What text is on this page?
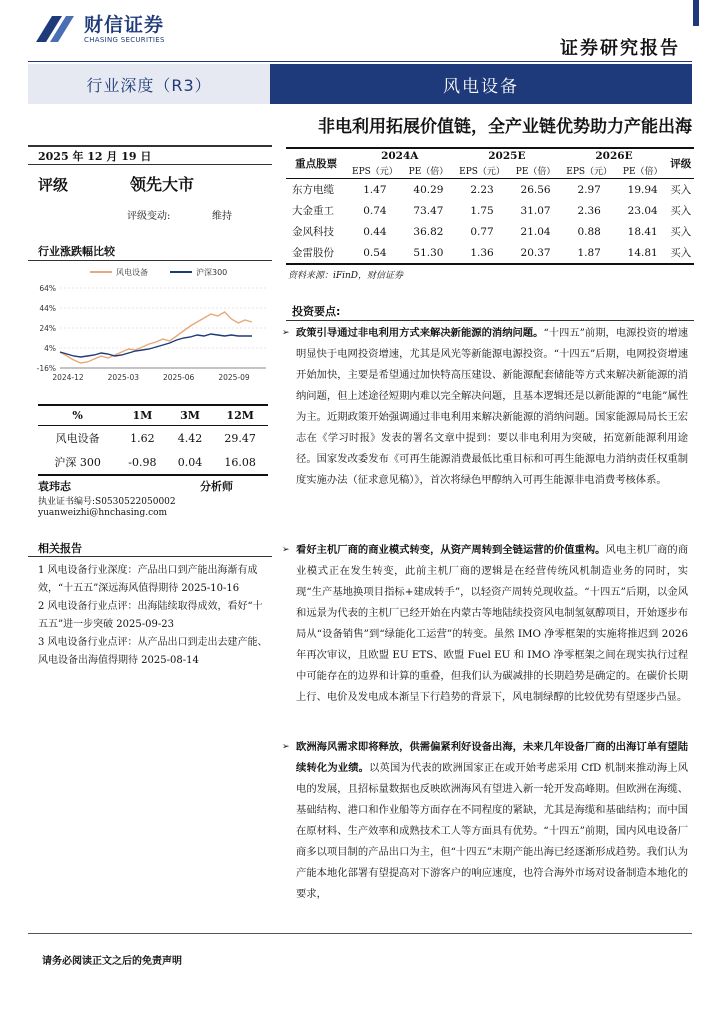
财信证券
CHASING SECURITIES	证券研究报告
行业深度（R3）	风电设备
非电利用拓展价值链，全产业链优势助力产能出海
2025 年 12 月 19 日
评级	领先大市
评级变动:	维持
行业涨跌幅比较
风电设备	沪深300
64%
44%
24%
4%
-16%
2024-12	2025-03	2025-06	2025-09
%	1M	3M	12M
风电设备	1.62	4.42	29.47
沪深 300	-0.98	0.04	16.08
袁玮志	分析师
执业证书编号:S0530522050002
yuanweizhi@hnchasing.com
相关报告

1 风电设备行业深度：产品出口到产能出海渐有成效，“十五五”深远海风值得期待 2025-10-16

2 风电设备行业点评：出海陆续取得成效，看好“十五五”进一步突破 2025-09-23

3 风电设备行业点评：从产品出口到走出去建产能、风电设备出海值得期待 2025-08-14

重点股票	2024A		2025E		2026E		评级
	EPS（元）	PE（倍）	EPS（元）	PE（倍）	EPS（元）	PE（倍）	
东方电缆	1.47	40.29	2.23	26.56	2.97	19.94	买入
大金重工	0.74	73.47	1.75	31.07	2.36	23.04	买入
金风科技	0.44	36.82	0.77	21.04	0.88	18.41	买入
金雷股份	0.54	51.30	1.36	20.37	1.87	14.81	买入
资料来源：iFinD，财信证券
投资要点:
➢ 政策引导通过非电利用方式来解决新能源的消纳问题。“十四五”前期，电源投资的增速明显快于电网投资增速，尤其是风光等新能源电源投资。“十四五”后期，电网投资增速开始加快，主要是希望通过加快特高压建设、新能源配套储能等方式来解决新能源的消纳问题，但上述途径短期内难以完全解决问题，且基本逻辑还是以新能源的“电能”属性为主。近期政策开始强调通过非电利用来解决新能源的消纳问题。国家能源局局长王宏志在《学习时报》发表的署名文章中提到：要以非电利用为突破，拓宽新能源利用途径。国家发改委发布《可再生能源消费最低比重目标和可再生能源电力消纳责任权重制度实施办法（征求意见稿）》，首次将绿色甲醇纳入可再生能源非电消费考核体系。

➢ 看好主机厂商的商业模式转变，从资产周转到全链运营的价值重构。风电主机厂商的商业模式正在发生转变，此前主机厂商的逻辑是在经营传统风机制造业务的同时，实现“生产基地换项目指标+建成转手”，以轻资产周转兑现收益。“十四五”后期，以金风和远景为代表的主机厂已经开始在内蒙古等地陆续投资风电制氢氨醇项目，开始逐步布局从“设备销售”到“绿能化工运营”的转变。虽然 IMO 净零框架的实施将推迟到 2026 年再次审议，且欧盟 EU ETS、欧盟 Fuel EU 和 IMO 净零框架之间在现实执行过程中可能存在的边界和计算的重叠，但我们认为碳减排的长期趋势是确定的。在碳价长期上行、电价及发电成本渐呈下行趋势的背景下，风电制绿醇的比较优势有望逐步凸显。

➢ 欧洲海风需求即将释放，供需偏紧利好设备出海，未来几年设备厂商的出海订单有望陆续转化为业绩。以英国为代表的欧洲国家正在或开始考虑采用 CfD 机制来推动海上风电的发展，且招标量数据也反映欧洲海风有望进入新一轮开发高峰期。但欧洲在海缆、基础结构、港口和作业船等方面存在不同程度的紧缺，尤其是海缆和基础结构；而中国在原材料、生产效率和成熟技术工人等方面具有优势。“十四五”前期，国内风电设备厂商多以项目制的产品出口为主，但“十四五”末期产能出海已经逐渐形成趋势。我们认为产能本地化部署有望提高对下游客户的响应速度，也符合海外市场对设备制造本地化的要求，

请务必阅读正文之后的免责声明
